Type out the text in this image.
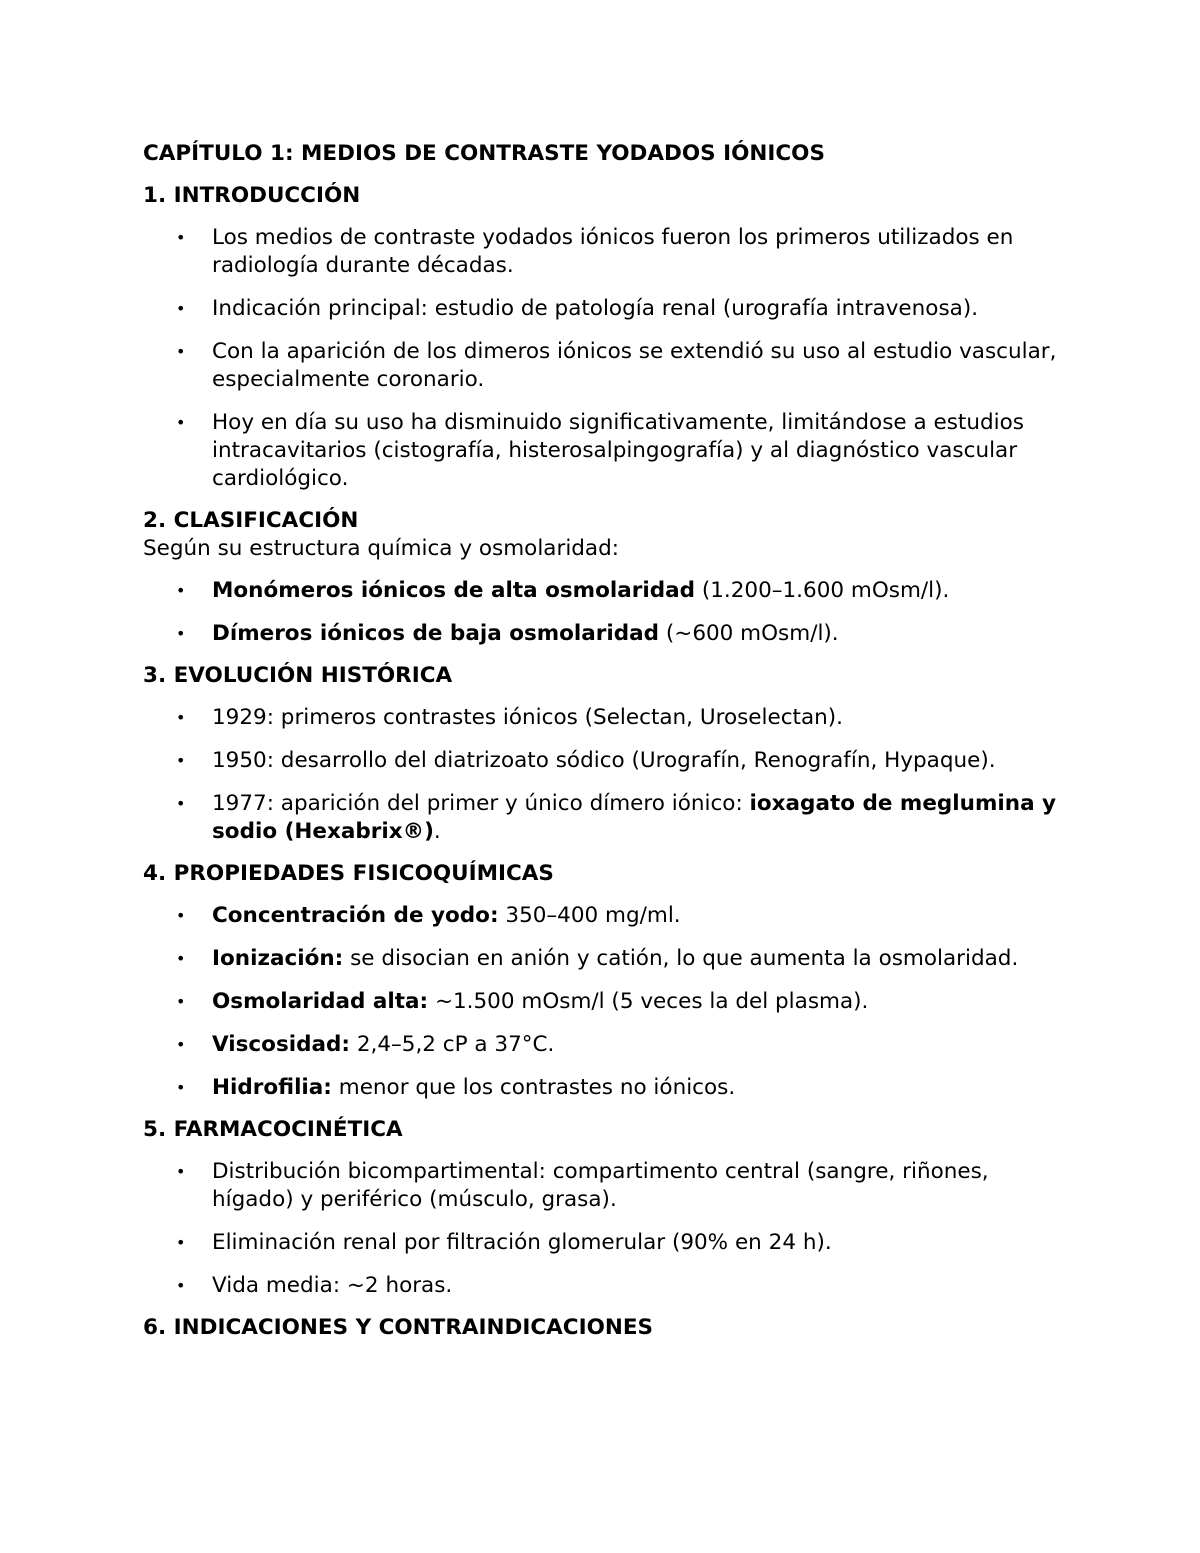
CAPÍTULO 1: MEDIOS DE CONTRASTE YODADOS IÓNICOS
1. INTRODUCCIÓN
• Los medios de contraste yodados iónicos fueron los primeros utilizados en radiología durante décadas.
• Indicación principal: estudio de patología renal (urografía intravenosa).
• Con la aparición de los dimeros iónicos se extendió su uso al estudio vascular, especialmente coronario.
• Hoy en día su uso ha disminuido significativamente, limitándose a estudios intracavitarios (cistografía, histerosalpingografía) y al diagnóstico vascular cardiológico.
2. CLASIFICACIÓN

Según su estructura química y osmolaridad:

• Monómeros iónicos de alta osmolaridad (1.200–1.600 mOsm/l).
• Dímeros iónicos de baja osmolaridad (~600 mOsm/l).
3. EVOLUCIÓN HISTÓRICA
• 1929: primeros contrastes iónicos (Selectan, Uroselectan).
• 1950: desarrollo del diatrizoato sódico (Urografín, Renografín, Hypaque).
• 1977: aparición del primer y único dímero iónico: ioxagato de meglumina y sodio (Hexabrix®).
4. PROPIEDADES FISICOQUÍMICAS
• Concentración de yodo: 350–400 mg/ml.
• Ionización: se disocian en anión y catión, lo que aumenta la osmolaridad.
• Osmolaridad alta: ~1.500 mOsm/l (5 veces la del plasma).
• Viscosidad: 2,4–5,2 cP a 37°C.
• Hidrofilia: menor que los contrastes no iónicos.
5. FARMACOCINÉTICA
• Distribución bicompartimental: compartimento central (sangre, riñones, hígado) y periférico (músculo, grasa).
• Eliminación renal por filtración glomerular (90% en 24 h).
• Vida media: ~2 horas.
6. INDICACIONES Y CONTRAINDICACIONES
